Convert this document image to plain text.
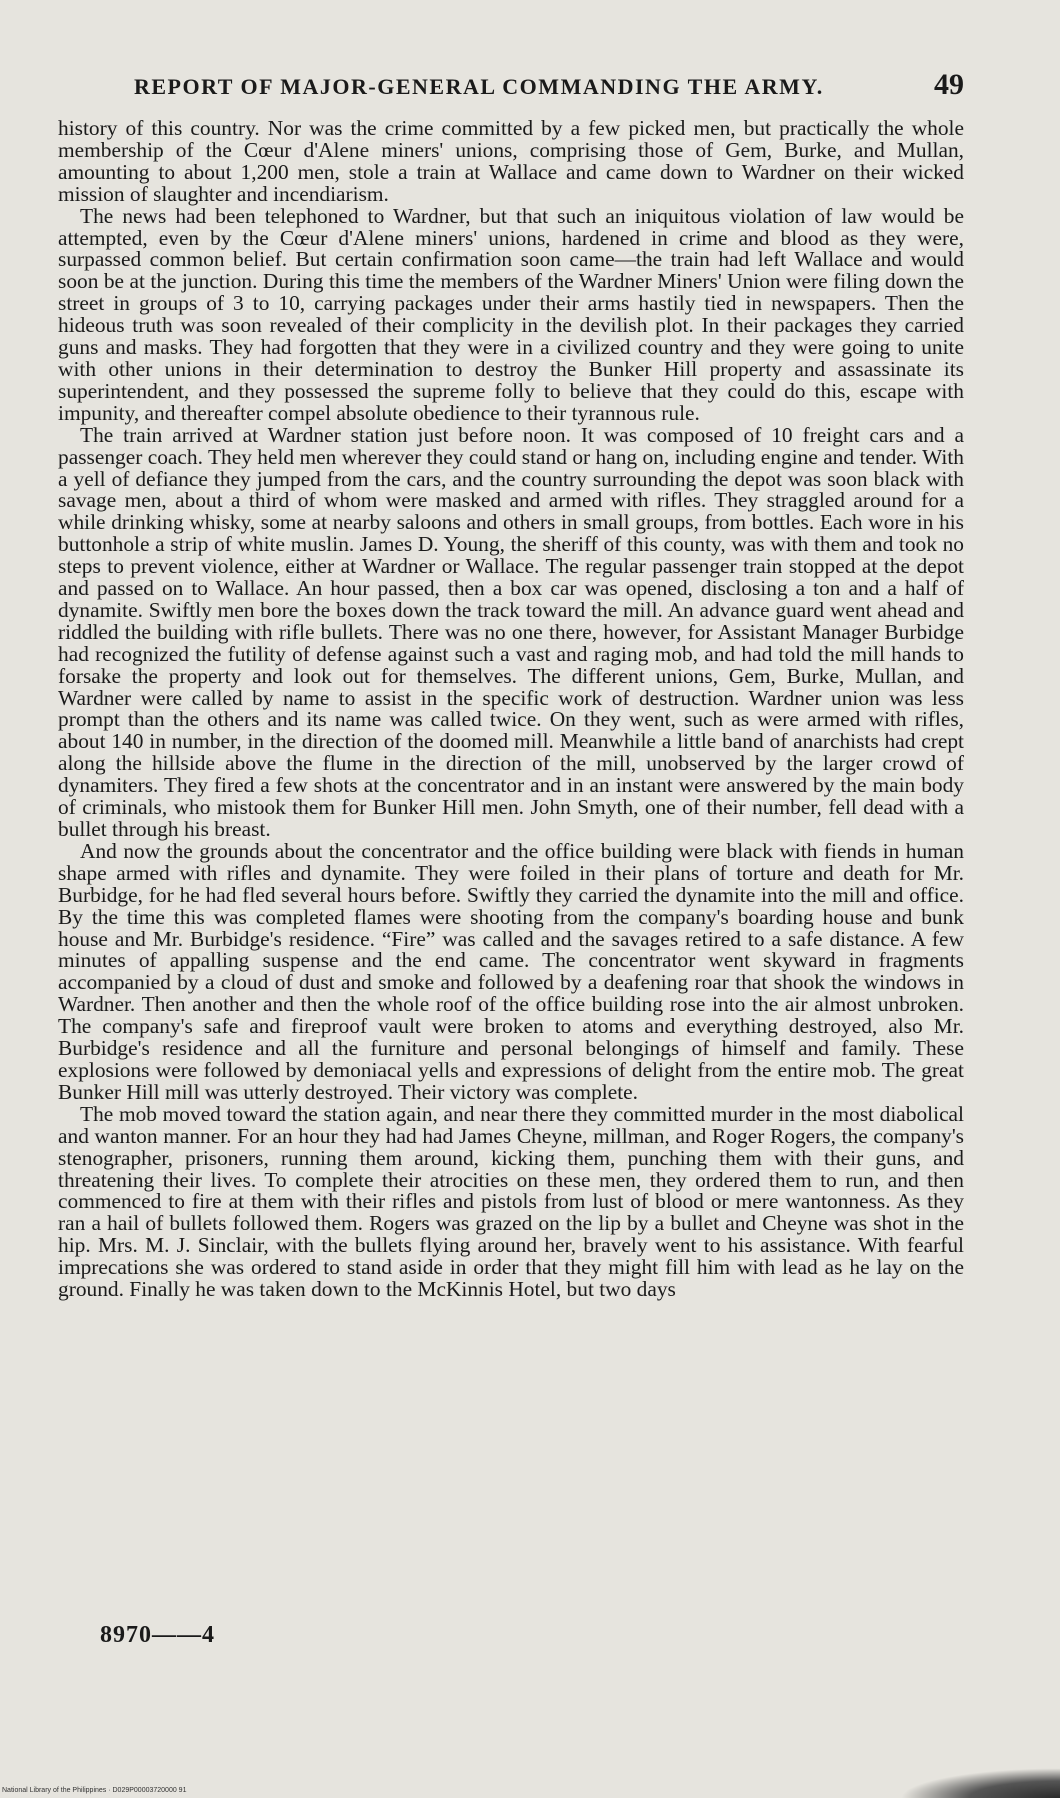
REPORT OF MAJOR-GENERAL COMMANDING THE ARMY.	49

history of this country. Nor was the crime committed by a few picked men, but practically the whole membership of the Cœur d'Alene miners' unions, comprising those of Gem, Burke, and Mullan, amounting to about 1,200 men, stole a train at Wallace and came down to Wardner on their wicked mission of slaughter and incendiarism.

The news had been telephoned to Wardner, but that such an iniquitous violation of law would be attempted, even by the Cœur d'Alene miners' unions, hardened in crime and blood as they were, surpassed common belief. But certain confirmation soon came—the train had left Wallace and would soon be at the junction. During this time the members of the Wardner Miners' Union were filing down the street in groups of 3 to 10, carrying packages under their arms hastily tied in newspapers. Then the hideous truth was soon revealed of their complicity in the devilish plot. In their packages they carried guns and masks. They had forgotten that they were in a civilized country and they were going to unite with other unions in their determination to destroy the Bunker Hill property and assassinate its superintendent, and they possessed the supreme folly to believe that they could do this, escape with impunity, and thereafter compel absolute obedience to their tyrannous rule.

The train arrived at Wardner station just before noon. It was composed of 10 freight cars and a passenger coach. They held men wherever they could stand or hang on, including engine and tender. With a yell of defiance they jumped from the cars, and the country surrounding the depot was soon black with savage men, about a third of whom were masked and armed with rifles. They straggled around for a while drinking whisky, some at nearby saloons and others in small groups, from bottles. Each wore in his buttonhole a strip of white muslin. James D. Young, the sheriff of this county, was with them and took no steps to prevent violence, either at Wardner or Wallace. The regular passenger train stopped at the depot and passed on to Wallace. An hour passed, then a box car was opened, disclosing a ton and a half of dynamite. Swiftly men bore the boxes down the track toward the mill. An advance guard went ahead and riddled the building with rifle bullets. There was no one there, however, for Assistant Manager Burbidge had recognized the futility of defense against such a vast and raging mob, and had told the mill hands to forsake the property and look out for themselves. The different unions, Gem, Burke, Mullan, and Wardner were called by name to assist in the specific work of destruction. Wardner union was less prompt than the others and its name was called twice. On they went, such as were armed with rifles, about 140 in number, in the direction of the doomed mill. Meanwhile a little band of anarchists had crept along the hillside above the flume in the direction of the mill, unobserved by the larger crowd of dynamiters. They fired a few shots at the concentrator and in an instant were answered by the main body of criminals, who mistook them for Bunker Hill men. John Smyth, one of their number, fell dead with a bullet through his breast.

And now the grounds about the concentrator and the office building were black with fiends in human shape armed with rifles and dynamite. They were foiled in their plans of torture and death for Mr. Burbidge, for he had fled several hours before. Swiftly they carried the dynamite into the mill and office. By the time this was completed flames were shooting from the company's boarding house and bunk house and Mr. Burbidge's residence. “Fire” was called and the savages retired to a safe distance. A few minutes of appalling suspense and the end came. The concentrator went skyward in fragments accompanied by a cloud of dust and smoke and followed by a deafening roar that shook the windows in Wardner. Then another and then the whole roof of the office building rose into the air almost unbroken. The company's safe and fireproof vault were broken to atoms and everything destroyed, also Mr. Burbidge's residence and all the furniture and personal belongings of himself and family. These explosions were followed by demoniacal yells and expressions of delight from the entire mob. The great Bunker Hill mill was utterly destroyed. Their victory was complete.

The mob moved toward the station again, and near there they committed murder in the most diabolical and wanton manner. For an hour they had had James Cheyne, millman, and Roger Rogers, the company's stenographer, prisoners, running them around, kicking them, punching them with their guns, and threatening their lives. To complete their atrocities on these men, they ordered them to run, and then commenced to fire at them with their rifles and pistols from lust of blood or mere wantonness. As they ran a hail of bullets followed them. Rogers was grazed on the lip by a bullet and Cheyne was shot in the hip. Mrs. M. J. Sinclair, with the bullets flying around her, bravely went to his assistance. With fearful imprecations she was ordered to stand aside in order that they might fill him with lead as he lay on the ground. Finally he was taken down to the McKinnis Hotel, but two days

8970——4
National Library of the Philippines · D029P00003720000 91
